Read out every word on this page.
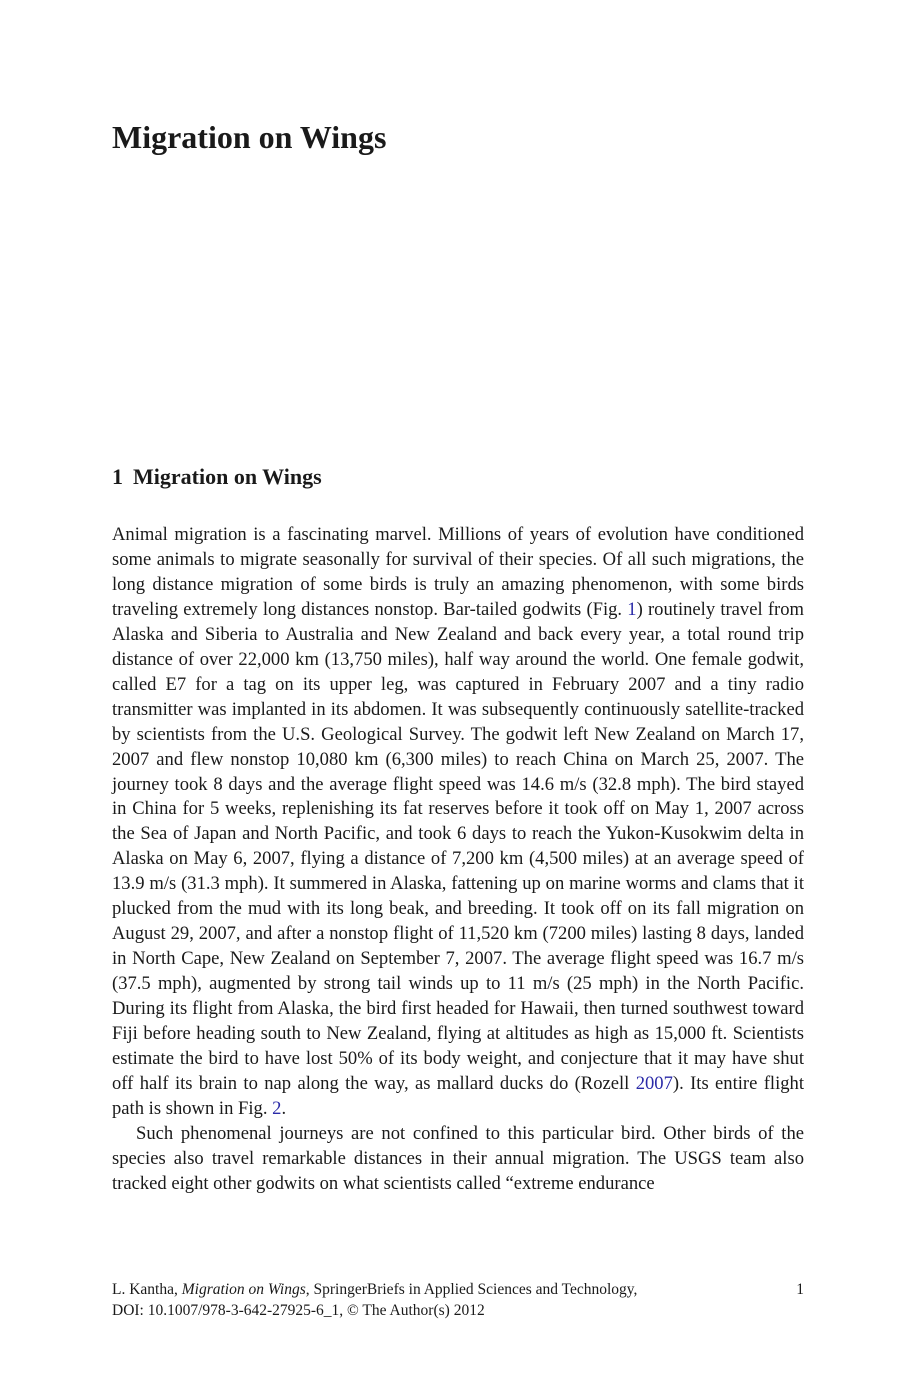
Migration on Wings
1 Migration on Wings

Animal migration is a fascinating marvel. Millions of years of evolution have conditioned some animals to migrate seasonally for survival of their species. Of all such migrations, the long distance migration of some birds is truly an amazing phenomenon, with some birds traveling extremely long distances nonstop. Bar-tailed godwits (Fig. 1) routinely travel from Alaska and Siberia to Australia and New Zealand and back every year, a total round trip distance of over 22,000 km (13,750 miles), half way around the world. One female godwit, called E7 for a tag on its upper leg, was captured in February 2007 and a tiny radio transmitter was implanted in its abdomen. It was subsequently continuously satellite-tracked by scientists from the U.S. Geological Survey. The godwit left New Zealand on March 17, 2007 and flew nonstop 10,080 km (6,300 miles) to reach China on March 25, 2007. The journey took 8 days and the average flight speed was 14.6 m/s (32.8 mph). The bird stayed in China for 5 weeks, replenishing its fat reserves before it took off on May 1, 2007 across the Sea of Japan and North Pacific, and took 6 days to reach the Yukon-Kusokwim delta in Alaska on May 6, 2007, flying a distance of 7,200 km (4,500 miles) at an average speed of 13.9 m/s (31.3 mph). It summered in Alaska, fattening up on marine worms and clams that it plucked from the mud with its long beak, and breeding. It took off on its fall migration on August 29, 2007, and after a nonstop flight of 11,520 km (7200 miles) lasting 8 days, landed in North Cape, New Zealand on September 7, 2007. The average flight speed was 16.7 m/s (37.5 mph), augmented by strong tail winds up to 11 m/s (25 mph) in the North Pacific. During its flight from Alaska, the bird first headed for Hawaii, then turned southwest toward Fiji before heading south to New Zealand, flying at altitudes as high as 15,000 ft. Scientists estimate the bird to have lost 50% of its body weight, and conjecture that it may have shut off half its brain to nap along the way, as mallard ducks do (Rozell 2007). Its entire flight path is shown in Fig. 2.

Such phenomenal journeys are not confined to this particular bird. Other birds of the species also travel remarkable distances in their annual migration. The USGS team also tracked eight other godwits on what scientists called “extreme endurance

L. Kantha, Migration on Wings, SpringerBriefs in Applied Sciences and Technology,	1
DOI: 10.1007/978-3-642-27925-6_1, © The Author(s) 2012
